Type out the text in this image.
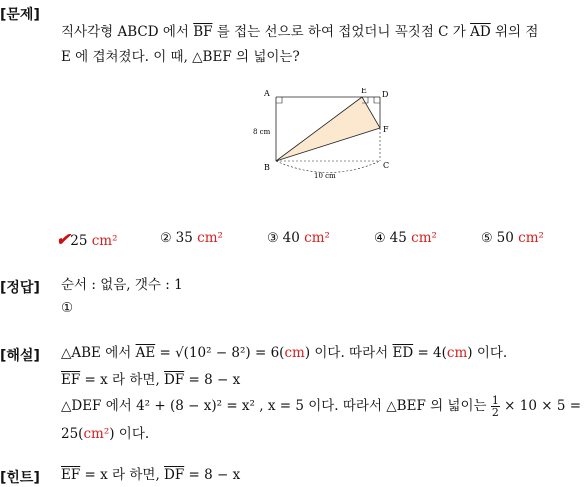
[문제]
직사각형 ABCD 에서 $\overline{BF}$ 를 접는 선으로 하여 접었더니 꼭짓점 C 가 $\overline{AD}$ 위의 점
E 에 겹쳐졌다. 이 때, △BEF 의 넓이는?
A
B	C
D
E
F
8 cm
10 cm
✔25 cm²	② 35 cm²	③ 40 cm²	④ 45 cm²	⑤ 50 cm²
[정답] 순서 : 없음, 갯수 : 1
①
[해설] △ABE 에서 $\overline{AE} = √(10^2 - 8^2) = 6(cm)$ 이다. 따라서 $\overline{ED} = 4(cm)$ 이다.
$\overline{EF} = x$ 라 하면, $\overline{DF} = 8 - x$
△DEF 에서 4² + (8 − x)² = x² , x = 5 이다. 따라서 △BEF 의 넓이는 $\frac{1}{2} \times 10 \times 5$ =
25(cm²) 이다.
[힌트] $\overline{EF} = x$ 라 하면, $\overline{DF} = 8 - x$
